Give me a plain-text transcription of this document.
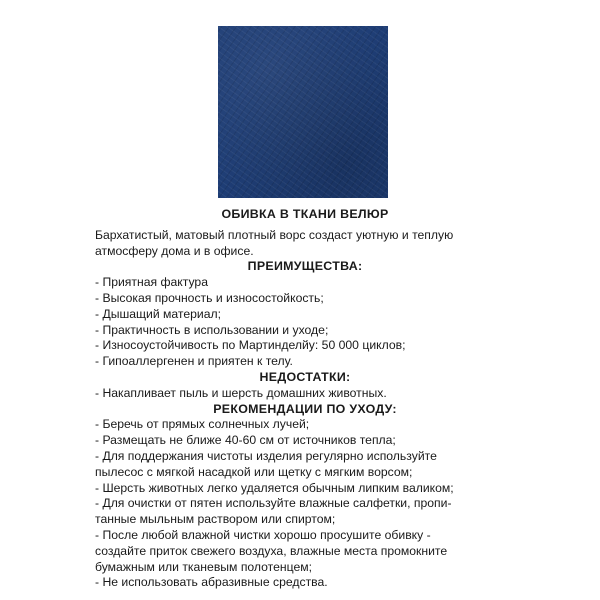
ОБИВКА В ТКАНИ ВЕЛЮР

Бархатистый, матовый плотный ворс создаст уютную и теплую
атмосферу дома и в офисе.

ПРЕИМУЩЕСТВА:

- Приятная фактура

- Высокая прочность и износостойкость;

- Дышащий материал;

- Практичность в использовании и уходе;

- Износоустойчивость по Мартинделйу: 50 000 циклов;

- Гипоаллергенен и приятен к телу.

НЕДОСТАТКИ:

- Накапливает пыль и шерсть домашних животных.

РЕКОМЕНДАЦИИ ПО УХОДУ:

- Беречь от прямых солнечных лучей;

- Размещать не ближе 40-60 см от источников тепла;

- Для поддержания чистоты изделия регулярно используйте
пылесос с мягкой насадкой или щетку с мягким ворсом;

- Шерсть животных легко удаляется обычным липким валиком;

- Для очистки от пятен используйте влажные салфетки, пропи-
танные мыльным раствором или спиртом;

- После любой влажной чистки хорошо просушите обивку -
создайте приток свежего воздуха, влажные места промокните
бумажным или тканевым полотенцем;

- Не использовать абразивные средства.
